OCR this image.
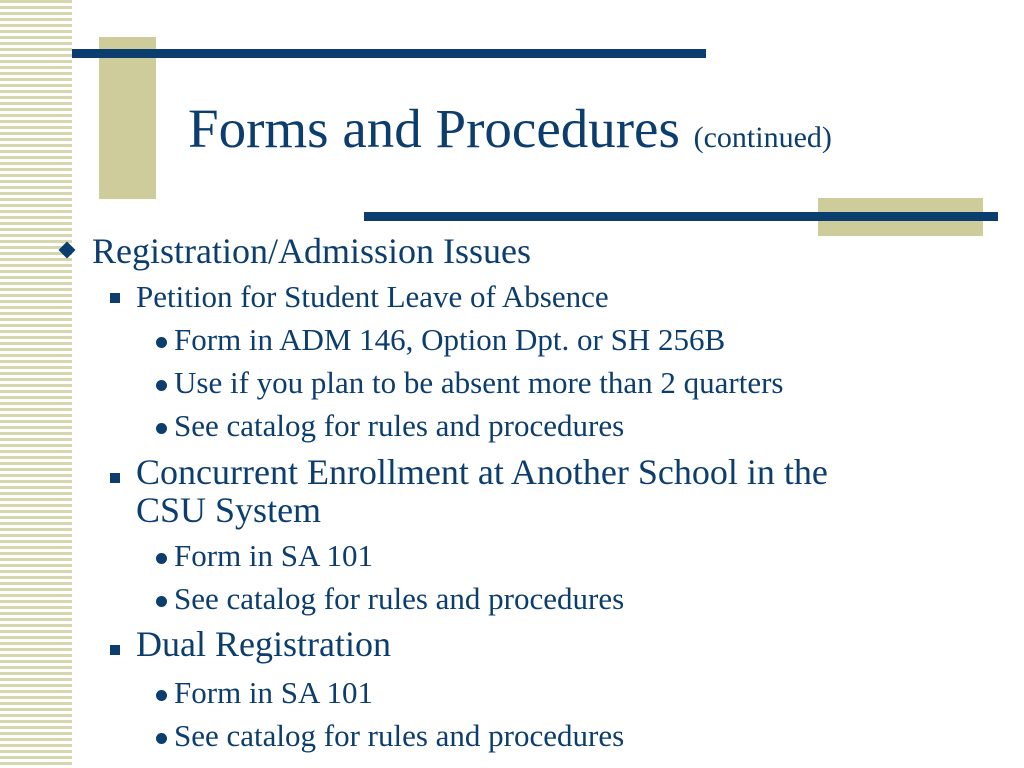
Forms and Procedures (continued)
Registration/Admission Issues
Petition for Student Leave of Absence
Form in ADM 146, Option Dpt. or SH 256B
Use if you plan to be absent more than 2 quarters
See catalog for rules and procedures
Concurrent Enrollment at Another School in the
CSU System
Form in SA 101
See catalog for rules and procedures
Dual Registration
Form in SA 101
See catalog for rules and procedures
